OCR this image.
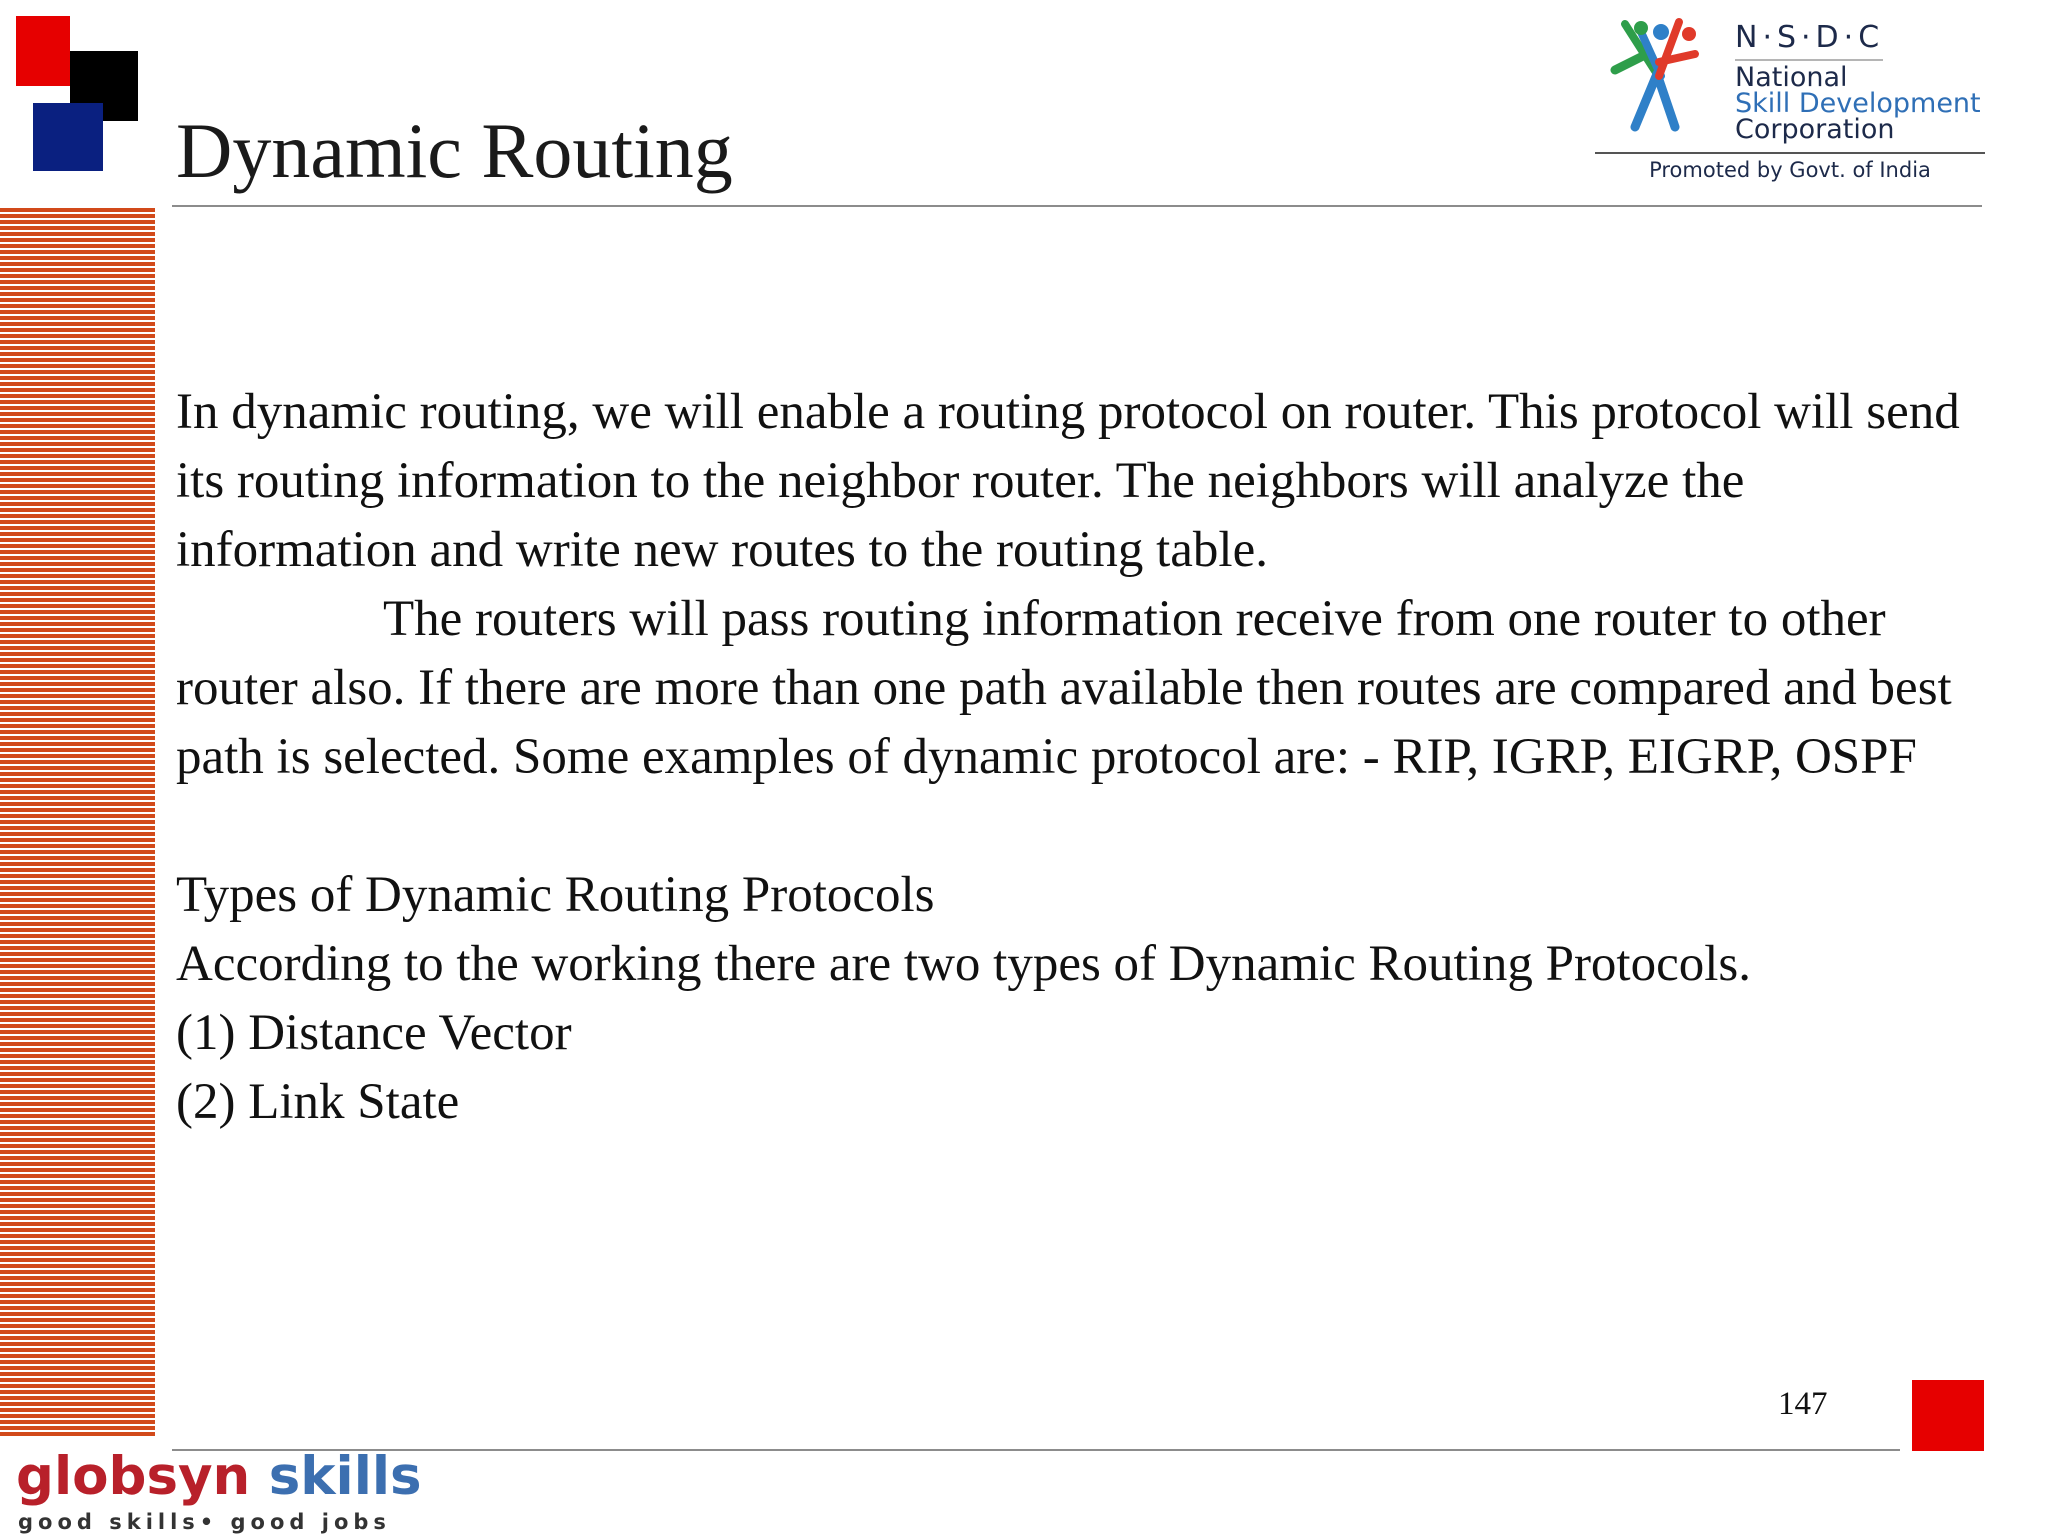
Dynamic Routing
N·S·D·C
National
Skill Development
Corporation
Promoted by Govt. of India

In dynamic routing, we will enable a routing protocol on router. This protocol will send its routing information to the neighbor router. The neighbors will analyze the information and write new routes to the routing table.

The routers will pass routing information receive from one router to other router also. If there are more than one path available then routes are compared and best path is selected. Some examples of dynamic protocol are: - RIP, IGRP, EIGRP, OSPF

Types of Dynamic Routing Protocols

According to the working there are two types of Dynamic Routing Protocols.

(1) Distance Vector

(2) Link State

147
globsyn skills
good skills• good jobs
